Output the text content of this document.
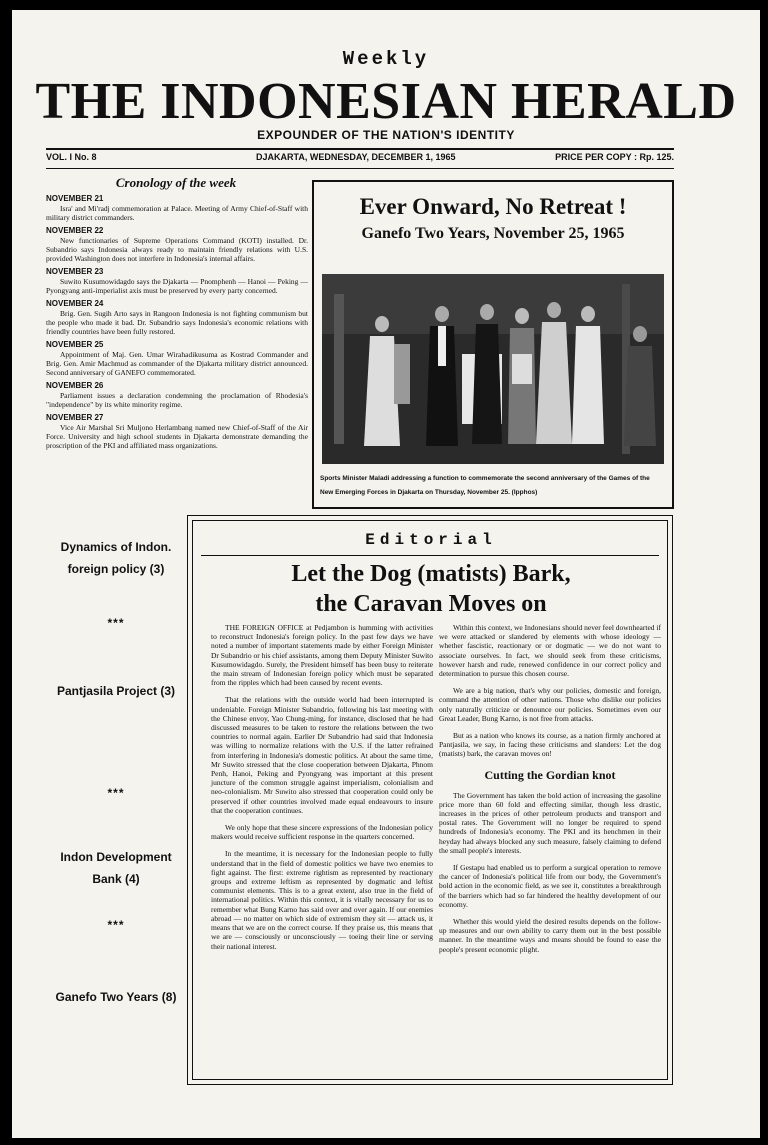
Weekly
THE INDONESIAN HERALD
EXPOUNDER OF THE NATION'S IDENTITY
VOL. I No. 8	DJAKARTA, WEDNESDAY, DECEMBER 1, 1965	PRICE PER COPY : Rp. 125.
Cronology of the week
NOVEMBER 21
Isra' and Mi'radj commemoration at Palace. Meeting of Army Chief-of-Staff with military district commanders.
NOVEMBER 22
New functionaries of Supreme Operations Command (KOTI) installed. Dr. Subandrio says Indonesia always ready to maintain friendly relations with U.S. provided Washington does not interfere in Indonesia's internal affairs.
NOVEMBER 23
Suwito Kusumowidagdo says the Djakarta — Pnomphenh — Hanoi — Peking — Pyongyang anti-imperialist axis must be preserved by every party concerned.
NOVEMBER 24
Brig. Gen. Sugih Arto says in Rangoon Indonesia is not fighting communism but the people who made it bad. Dr. Subandrio says Indonesia's economic relations with friendly countries have been fully restored.
NOVEMBER 25
Appointment of Maj. Gen. Umar Wirahadikusuma as Kostrad Commander and Brig. Gen. Amir Machmud as commander of the Djakarta military district announced. Second anniversary of GANEFO commemorated.
NOVEMBER 26
Parliament issues a declaration condemning the proclamation of Rhodesia's "independence" by its white minority regime.
NOVEMBER 27
Vice Air Marshal Sri Muljono Herlambang named new Chief-of-Staff of the Air Force. University and high school students in Djakarta demonstrate demanding the proscription of the PKI and affiliated mass organizations.
Ever Onward, No Retreat !
Ganefo Two Years, November 25, 1965
Sports Minister Maladi addressing a function to commemorate the second anniversary of the Games of the
New Emerging Forces in Djakarta on Thursday, November 25. (Ipphos)
Dynamics of Indon. foreign policy (3)
***
Pantjasila Project (3)
***
Indon Development Bank (4)
***
Ganefo Two Years (8)
Editorial
Let the Dog (matists) Bark,
the Caravan Moves on

THE FOREIGN OFFICE at Pedjambon is humming with activities to reconstruct Indonesia's foreign policy. In the past few days we have noted a number of important statements made by either Foreign Minister Dr Subandrio or his chief assistants, among them Deputy Minister Suwito Kusumowidagdo. Surely, the President himself has been busy to reiterate the main stream of Indonesian foreign policy which must be separated from the ripples which had been caused by recent events.

That the relations with the outside world had been interrupted is undeniable. Foreign Minister Subandrio, following his last meeting with the Chinese envoy, Yao Chung-ming, for instance, disclosed that he had discussed measures to be taken to restore the relations between the two countries to normal again. Earlier Dr Subandrio had said that Indonesia was willing to normalize relations with the U.S. if the latter refrained from interfering in Indonesia's domestic politics. At about the same time, Mr Suwito stressed that the close cooperation between Djakarta, Phnom Penh, Hanoi, Peking and Pyongyang was important at this present juncture of the common struggle against imperialism, colonialism and neo-colonialism. Mr Suwito also stressed that cooperation could only be preserved if other countries involved made equal endeavours to insure that the cooperation continues.

We only hope that these sincere expressions of the Indonesian policy makers would receive sufficient response in the quarters concerned.

In the meantime, it is necessary for the Indonesian people to fully understand that in the field of domestic politics we have two enemies to fight against. The first: extreme rightism as represented by reactionary groups and extreme leftism as represented by dogmatic and leftist communist elements. This is to a great extent, also true in the field of international politics. Within this context, it is vitally necessary for us to remember what Bung Karno has said over and over again. If our enemies abroad — no matter on which side of extremism they sit — attack us, it means that we are on the correct course. If they praise us, this means that we are — consciously or unconsciously — toeing their line or serving their national interest.

Within this context, we Indonesians should never feel downhearted if we were attacked or slandered by elements with whose ideology — whether fascistic, reactionary or or dogmatic — we do not want to associate ourselves. In fact, we should seek from these criticisms, however harsh and rude, renewed confidence in our correct policy and determination to pursue this chosen course.

We are a big nation, that's why our policies, domestic and foreign, command the attention of other nations. Those who dislike our policies only naturally criticize or denounce our policies. Sometimes even our Great Leader, Bung Karno, is not free from attacks.

But as a nation who knows its course, as a nation firmly anchored at Pantjasila, we say, in facing these criticisms and slanders: Let the dog (matists) bark, the caravan moves on!

Cutting the Gordian knot

The Government has taken the bold action of increasing the gasoline price more than 60 fold and effecting similar, though less drastic, increases in the prices of other petroleum products and transport and postal rates. The Government will no longer be required to spend hundreds of Indonesia's economy. The PKI and its henchmen in their heyday had always blocked any such measure, falsely claiming to defend the small people's interests.

If Gestapu had enabled us to perform a surgical operation to remove the cancer of Indonesia's political life from our body, the Government's bold action in the economic field, as we see it, constitutes a breakthrough of the barriers which had so far hindered the healthy development of our economy.

Whether this would yield the desired results depends on the follow-up measures and our own ability to carry them out in the best possible manner. In the meantime ways and means should be found to ease the people's present economic plight.
